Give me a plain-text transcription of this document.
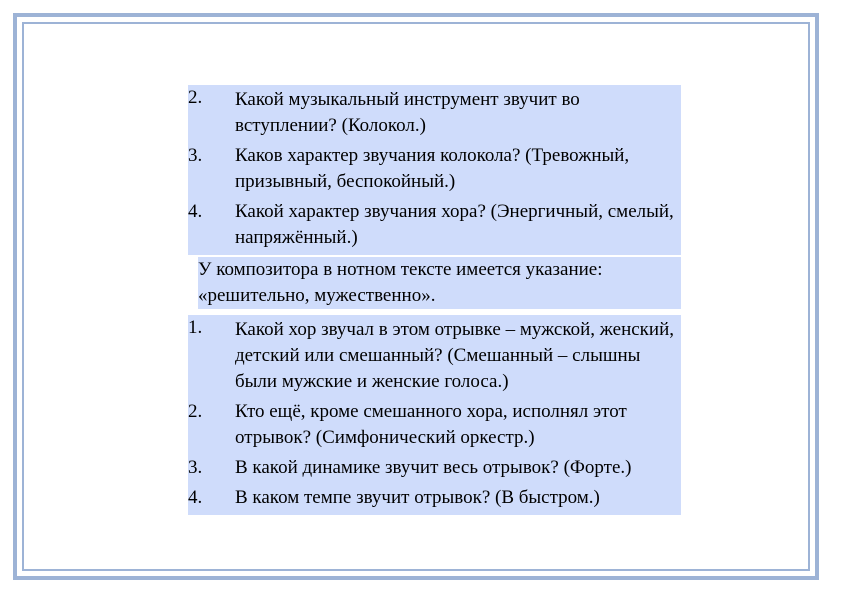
2. Какой музыкальный инструмент звучит во вступлении? (Колокол.)
3. Каков характер звучания колокола? (Тревожный, призывный, беспокойный.)
4. Какой характер звучания хора? (Энергичный, смелый, напряжённый.)
У композитора в нотном тексте имеется указание: «решительно, мужественно».
1. Какой хор звучал в этом отрывке – мужской, женский, детский или смешанный? (Смешанный – слышны были мужские и женские голоса.)
2. Кто ещё, кроме смешанного хора, исполнял этот отрывок? (Симфонический оркестр.)
3. В какой динамике звучит весь отрывок? (Форте.)
4. В каком темпе звучит отрывок? (В быстром.)
